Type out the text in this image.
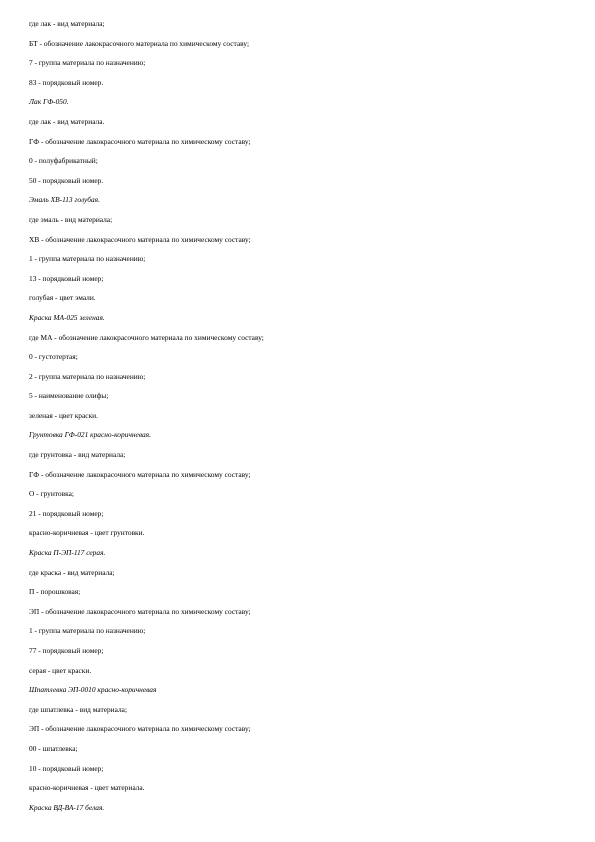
где лак - вид материала;
БТ - обозначение лакокрасочного материала по химическому составу;
7 - группа материала по назначению;
83 - порядковый номер.
Лак ГФ-050.
где лак - вид материала.
ГФ - обозначение лакокрасочного материала по химическому составу;
0 - полуфабрикатный;
50 - порядковый номер.
Эмаль ХВ-113 голубая.
где эмаль - вид материала;
ХВ - обозначение лакокрасочного материала по химическому составу;
1 - группа материала по назначению;
13 - порядковый номер;
голубая - цвет эмали.
Краска МА-025 зеленая.
где МА - обозначение лакокрасочного материала по химическому составу;
0 - густотертая;
2 - группа материала по назначению;
5 - наименование олифы;
зеленая - цвет краски.
Грунтовка ГФ-021 красно-коричневая.
где грунтовка - вид материала;
ГФ - обозначение лакокрасочного материала по химическому составу;
О - грунтовка;
21 - порядковый номер;
красно-коричневая - цвет грунтовки.
Краска П-ЭП-117 серая.
где краска - вид материала;
П - порошковая;
ЭП - обозначение лакокрасочного материала по химическому составу;
1 - группа материала по назначению;
77 - порядковый номер;
серая - цвет краски.
Шпатлевка ЭП-0010 красно-коричневая
где шпатлевка - вид материала;
ЭП - обозначение лакокрасочного материала по химическому составу;
00 - шпатлевка;
10 - порядковый номер;
красно-коричневая - цвет материала.
Краска ВД-ВА-17 белая.
